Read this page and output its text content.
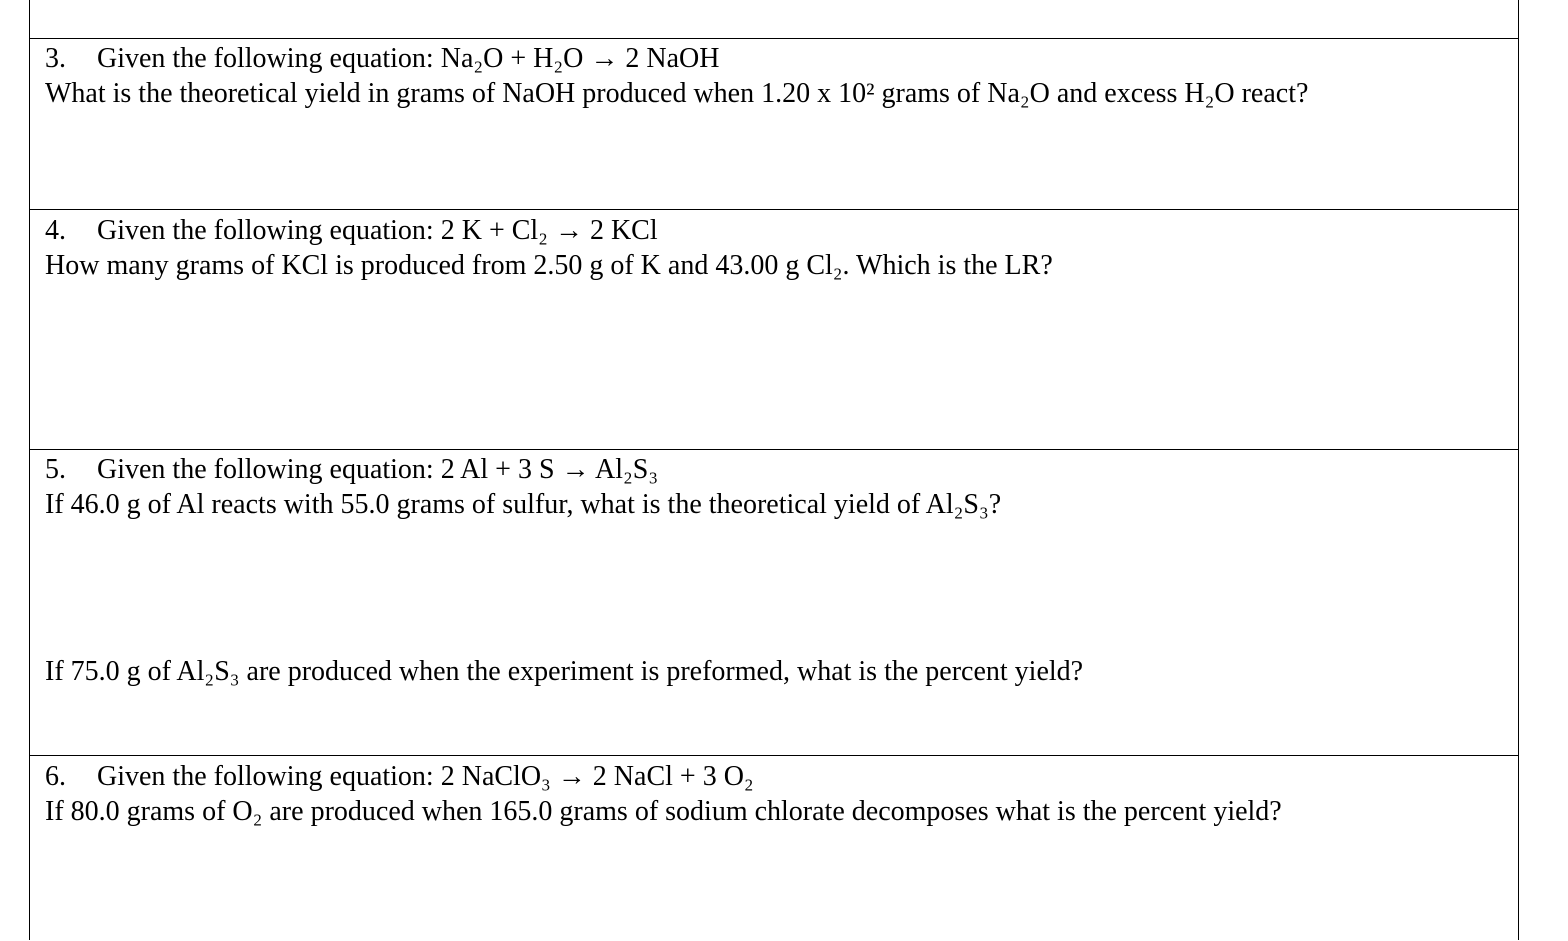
3. Given the following equation: Na₂O + H₂O → 2 NaOH
What is the theoretical yield in grams of NaOH produced when 1.20 x 10² grams of Na₂O and excess H₂O react?
4. Given the following equation: 2 K + Cl₂ → 2 KCl
How many grams of KCl is produced from 2.50 g of K and 43.00 g Cl₂. Which is the LR?
5. Given the following equation: 2 Al + 3 S → Al₂S₃
If 46.0 g of Al reacts with 55.0 grams of sulfur, what is the theoretical yield of Al₂S₃?
If 75.0 g of Al₂S₃ are produced when the experiment is preformed, what is the percent yield?
6. Given the following equation: 2 NaClO₃ → 2 NaCl + 3 O₂
If 80.0 grams of O₂ are produced when 165.0 grams of sodium chlorate decomposes what is the percent yield?
